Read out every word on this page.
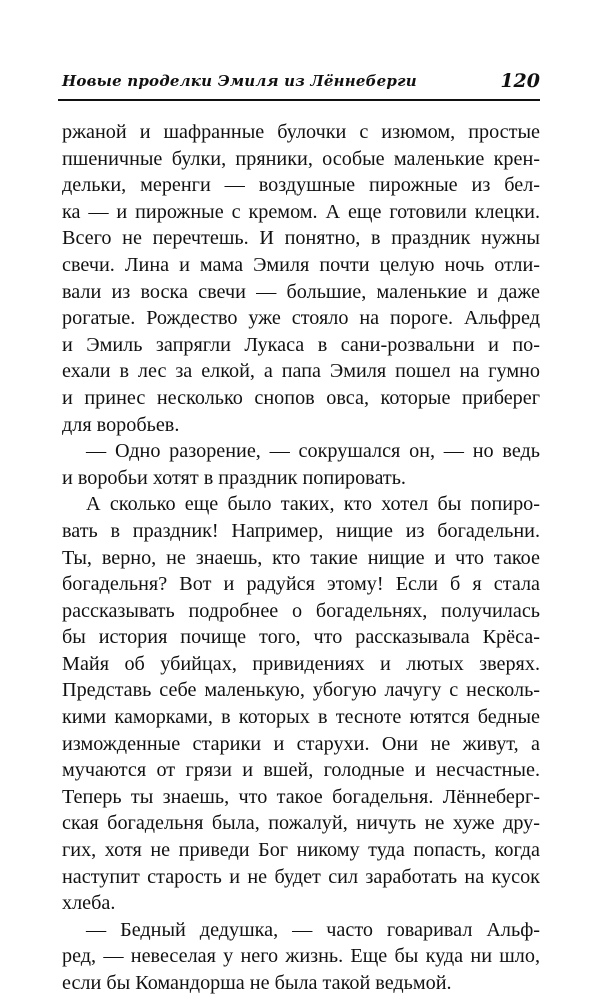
Новые проделки Эмиля из Лённеберги	120
ржаной и шафранные булочки с изюмом, простые
пшеничные булки, пряники, особые маленькие крен-
дельки, меренги — воздушные пирожные из бел-
ка — и пирожные с кремом. А еще готовили клецки.
Всего не перечтешь. И понятно, в праздник нужны
свечи. Лина и мама Эмиля почти целую ночь отли-
вали из воска свечи — большие, маленькие и даже
рогатые. Рождество уже стояло на пороге. Альфред
и Эмиль запрягли Лукаса в сани-розвальни и по-
ехали в лес за елкой, а папа Эмиля пошел на гумно
и принес несколько снопов овса, которые приберег
для воробьев.
— Одно разорение, — сокрушался он, — но ведь
и воробьи хотят в праздник попировать.
А сколько еще было таких, кто хотел бы попиро-
вать в праздник! Например, нищие из богадельни.
Ты, верно, не знаешь, кто такие нищие и что такое
богадельня? Вот и радуйся этому! Если б я стала
рассказывать подробнее о богадельнях, получилась
бы история почище того, что рассказывала Крёса-
Майя об убийцах, привидениях и лютых зверях.
Представь себе маленькую, убогую лачугу с несколь-
кими каморками, в которых в тесноте ютятся бедные
изможденные старики и старухи. Они не живут, а
мучаются от грязи и вшей, голодные и несчастные.
Теперь ты знаешь, что такое богадельня. Лённеберг-
ская богадельня была, пожалуй, ничуть не хуже дру-
гих, хотя не приведи Бог никому туда попасть, когда
наступит старость и не будет сил заработать на кусок
хлеба.
— Бедный дедушка, — часто говаривал Альф-
ред, — невеселая у него жизнь. Еще бы куда ни шло,
если бы Командорша не была такой ведьмой.
